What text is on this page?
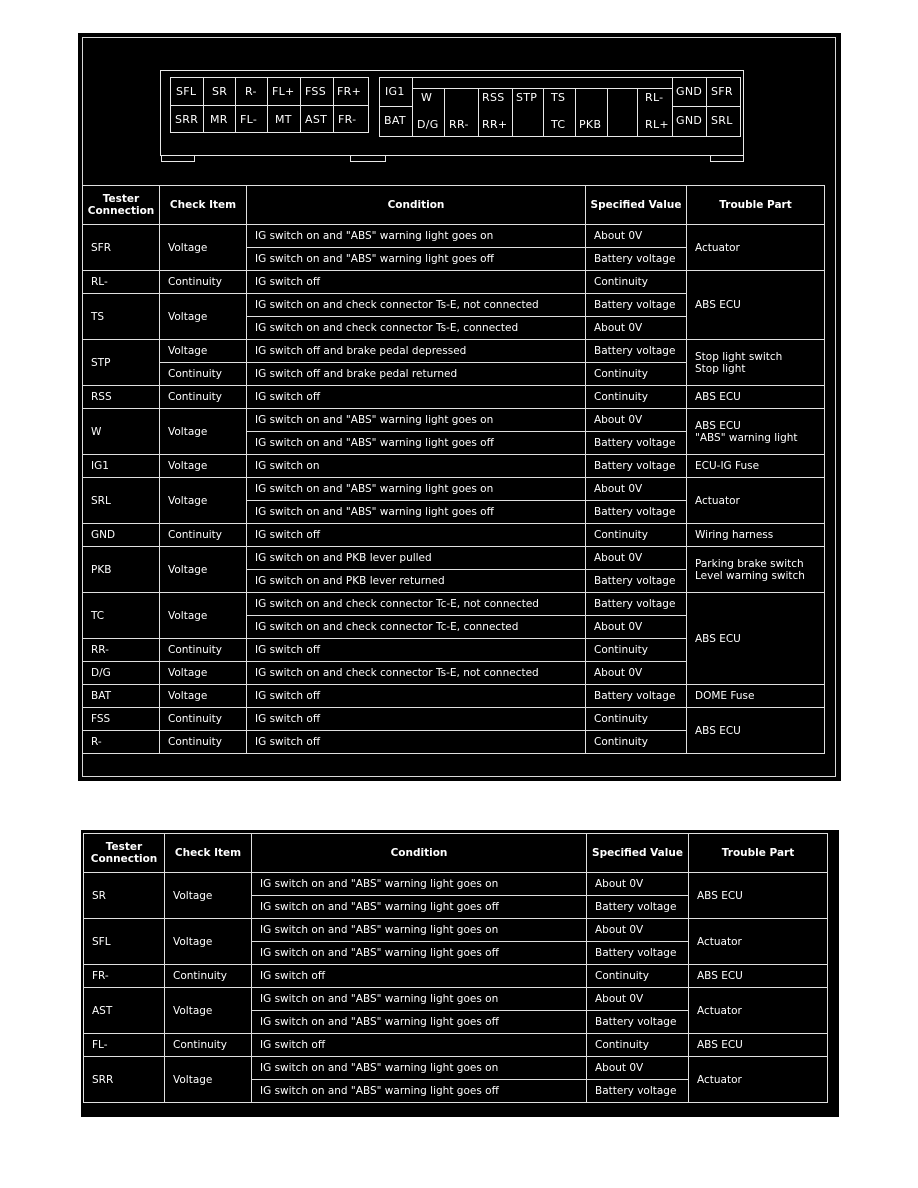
SFL SR R- FL+ FSS FR+
SRR MR FL- MT AST FR-
IG1 W	RSS STP TS	RL- GND SFR
BAT D/G RR- RR+	TC PKB	RL+ GND SRL
Tester
Connection	Check Item	Condition	Specified Value	Trouble Part
SFR	Voltage	IG switch on and "ABS" warning light goes on	About 0V	Actuator
		IG switch on and "ABS" warning light goes off	Battery voltage	
RL-	Continuity	IG switch off	Continuity	ABS ECU
TS	Voltage	IG switch on and check connector Ts-E, not connected	Battery voltage	
		IG switch on and check connector Ts-E, connected	About 0V	
STP	Voltage	IG switch off and brake pedal depressed	Battery voltage	Stop light switch
Stop light
	Continuity	IG switch off and brake pedal returned	Continuity	
RSS	Continuity	IG switch off	Continuity	ABS ECU
W	Voltage	IG switch on and "ABS" warning light goes on	About 0V	ABS ECU
"ABS" warning light
		IG switch on and "ABS" warning light goes off	Battery voltage	
IG1	Voltage	IG switch on	Battery voltage	ECU-IG Fuse
SRL	Voltage	IG switch on and "ABS" warning light goes on	About 0V	Actuator
		IG switch on and "ABS" warning light goes off	Battery voltage	
GND	Continuity	IG switch off	Continuity	Wiring harness
PKB	Voltage	IG switch on and PKB lever pulled	About 0V	Parking brake switch
Level warning switch
		IG switch on and PKB lever returned	Battery voltage	
TC	Voltage	IG switch on and check connector Tc-E, not connected	Battery voltage	ABS ECU
		IG switch on and check connector Tc-E, connected	About 0V	
RR-	Continuity	IG switch off	Continuity	
D/G	Voltage	IG switch on and check connector Ts-E, not connected	About 0V	
BAT	Voltage	IG switch off	Battery voltage	DOME Fuse
FSS	Continuity	IG switch off	Continuity	ABS ECU
R-	Continuity	IG switch off	Continuity	
Tester
Connection	Check Item	Condition	Specified Value	Trouble Part
SR	Voltage	IG switch on and "ABS" warning light goes on	About 0V	ABS ECU
		IG switch on and "ABS" warning light goes off	Battery voltage	
SFL	Voltage	IG switch on and "ABS" warning light goes on	About 0V	Actuator
		IG switch on and "ABS" warning light goes off	Battery voltage	
FR-	Continuity	IG switch off	Continuity	ABS ECU
AST	Voltage	IG switch on and "ABS" warning light goes on	About 0V	Actuator
		IG switch on and "ABS" warning light goes off	Battery voltage	
FL-	Continuity	IG switch off	Continuity	ABS ECU
SRR	Voltage	IG switch on and "ABS" warning light goes on	About 0V	Actuator
		IG switch on and "ABS" warning light goes off	Battery voltage	
